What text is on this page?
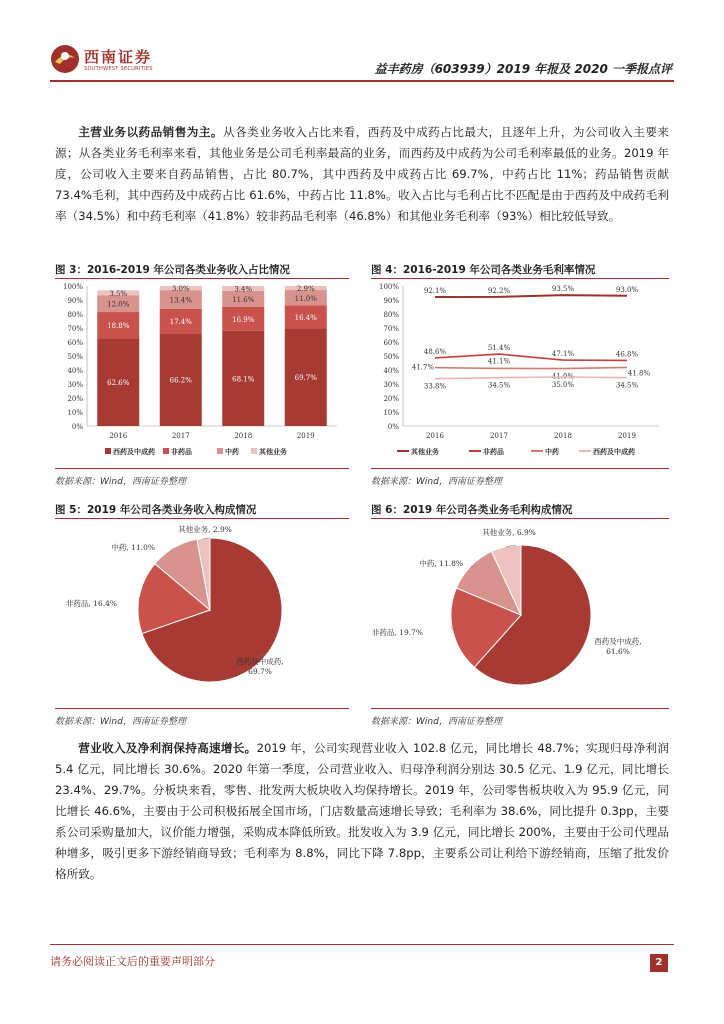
西南证券
SOUTHWEST SECURITIES	益丰药房（603939）2019 年报及 2020 一季报点评
主营业务以药品销售为主。从各类业务收入占比来看，西药及中成药占比最大，且逐年上升，为公司收入主要来源；从各类业务毛利率来看，其他业务是公司毛利率最高的业务，而西药及中成药为公司毛利率最低的业务。2019 年度，公司收入主要来自药品销售，占比 80.7%，其中西药及中成药占比 69.7%，中药占比 11%；药品销售贡献 73.4%毛利，其中西药及中成药占比 61.6%，中药占比 11.8%。收入占比与毛利占比不匹配是由于西药及中成药毛利率（34.5%）和中药毛利率（41.8%）较非药品毛利率（46.8%）和其他业务毛利率（93%）相比较低导致。
图 3：2016-2019 年公司各类业务收入占比情况
0%
10%
20%
30%
40%
50%
60%
70%
80%
90%
100%
62.6%
18.8%
12.0%
3.5%
2016
66.2%
17.4%
13.4%
3.0%
2017
68.1%
16.9%
11.6%
3.4%
2018
69.7%
16.4%
11.0%
2.9%
2019
西药及中成药 非药品	中药	其他业务
数据来源：Wind，西南证券整理
图 4：2016-2019 年公司各类业务毛利率情况
0%
10%
20%
30%
40%
50%
60%
70%
80%
90%
100%
92.1%	92.2%	93.5%	93.0%
48.6%	51.4%
47.1%	46.8%
41.7%
41.1%
41.0%	41.8%
33.8%	34.5%	35.0%	34.5%
2016	2017	2018	2019
其他业务	非药品	中药	西药及中成药
数据来源：Wind，西南证券整理
图 5：2019 年公司各类业务收入构成情况
西药及中成药,
69.7%
非药品, 16.4%
中药, 11.0%
其他业务, 2.9%
数据来源：Wind，西南证券整理
图 6：2019 年公司各类业务毛利构成情况
西药及中成药,
61.6%
非药品, 19.7%
中药, 11.8%
其他业务, 6.9%
数据来源：Wind，西南证券整理
营业收入及净利润保持高速增长。2019 年，公司实现营业收入 102.8 亿元，同比增长 48.7%；实现归母净利润 5.4 亿元，同比增长 30.6%。2020 年第一季度，公司营业收入、归母净利润分别达 30.5 亿元、1.9 亿元，同比增长 23.4%、29.7%。分板块来看，零售、批发两大板块收入均保持增长。2019 年，公司零售板块收入为 95.9 亿元，同比增长 46.6%，主要由于公司积极拓展全国市场，门店数量高速增长导致；毛利率为 38.6%，同比提升 0.3pp，主要系公司采购量加大，议价能力增强，采购成本降低所致。批发收入为 3.9 亿元，同比增长 200%，主要由于公司代理品种增多，吸引更多下游经销商导致；毛利率为 8.8%，同比下降 7.8pp，主要系公司让利给下游经销商，压缩了批发价格所致。
请务必阅读正文后的重要声明部分	2
